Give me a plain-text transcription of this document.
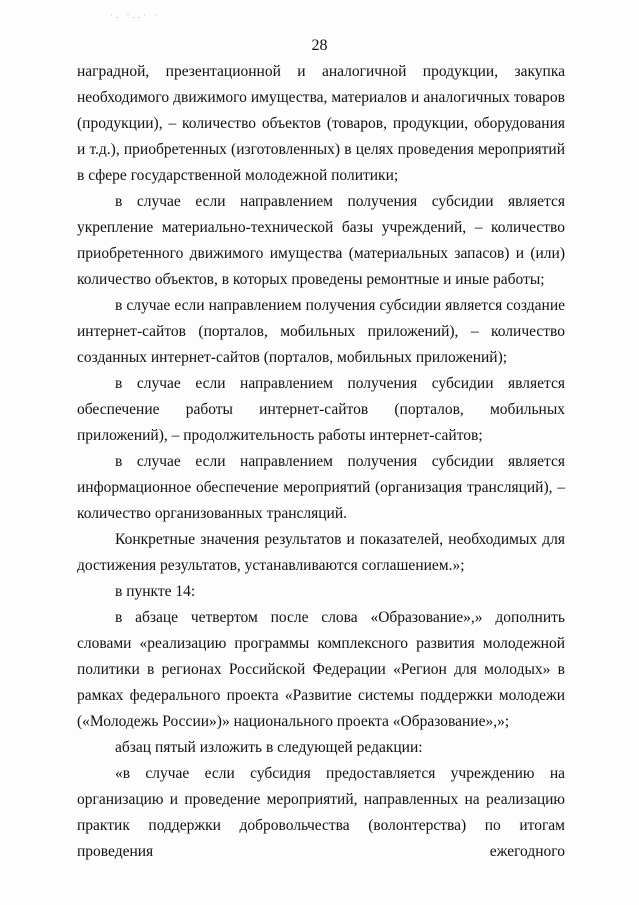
·. ·..· ·
28

наградной, презентационной и аналогичной продукции, закупка необходимого движимого имущества, материалов и аналогичных товаров (продукции), – количество объектов (товаров, продукции, оборудования и т.д.), приобретенных (изготовленных) в целях проведения мероприятий в сфере государственной молодежной политики;

в случае если направлением получения субсидии является укрепление материально-технической базы учреждений, – количество приобретенного движимого имущества (материальных запасов) и (или) количество объектов, в которых проведены ремонтные и иные работы;

в случае если направлением получения субсидии является создание интернет-сайтов (порталов, мобильных приложений), – количество созданных интернет-сайтов (порталов, мобильных приложений);

в случае если направлением получения субсидии является обеспечение работы интернет-сайтов (порталов, мобильных приложений), – продолжительность работы интернет-сайтов;

в случае если направлением получения субсидии является информационное обеспечение мероприятий (организация трансляций), – количество организованных трансляций.

Конкретные значения результатов и показателей, необходимых для достижения результатов, устанавливаются соглашением.»;

в пункте 14:

в абзаце четвертом после слова «Образование»,» дополнить словами «реализацию программы комплексного развития молодежной политики в регионах Российской Федерации «Регион для молодых» в рамках федерального проекта «Развитие системы поддержки молодежи («Молодежь России»)» национального проекта «Образование»,»;

абзац пятый изложить в следующей редакции:

«в случае если субсидия предоставляется учреждению на организацию и проведение мероприятий, направленных на реализацию практик поддержки добровольчества (волонтерства) по итогам проведения ежегодного
